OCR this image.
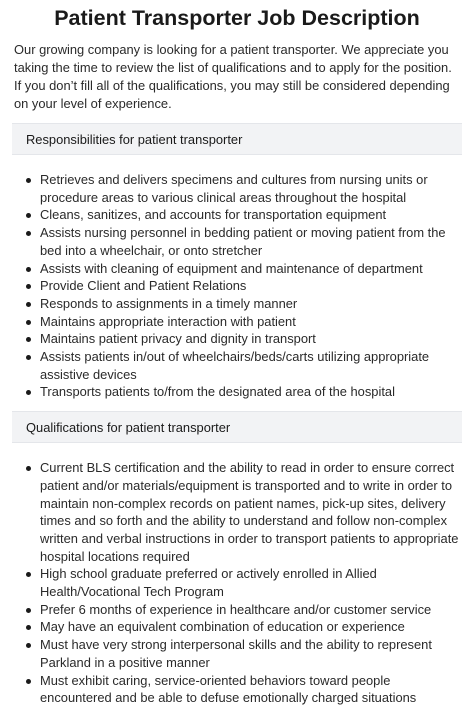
Patient Transporter Job Description

Our growing company is looking for a patient transporter. We appreciate you taking the time to review the list of qualifications and to apply for the position. If you don’t fill all of the qualifications, you may still be considered depending on your level of experience.

Responsibilities for patient transporter
Retrieves and delivers specimens and cultures from nursing units or procedure areas to various clinical areas throughout the hospital
Cleans, sanitizes, and accounts for transportation equipment
Assists nursing personnel in bedding patient or moving patient from the bed into a wheelchair, or onto stretcher
Assists with cleaning of equipment and maintenance of department
Provide Client and Patient Relations
Responds to assignments in a timely manner
Maintains appropriate interaction with patient
Maintains patient privacy and dignity in transport
Assists patients in/out of wheelchairs/beds/carts utilizing appropriate assistive devices
Transports patients to/from the designated area of the hospital
Qualifications for patient transporter
Current BLS certification and the ability to read in order to ensure correct patient and/or materials/equipment is transported and to write in order to maintain non-complex records on patient names, pick-up sites, delivery times and so forth and the ability to understand and follow non-complex written and verbal instructions in order to transport patients to appropriate hospital locations required
High school graduate preferred or actively enrolled in Allied Health/Vocational Tech Program
Prefer 6 months of experience in healthcare and/or customer service
May have an equivalent combination of education or experience
Must have very strong interpersonal skills and the ability to represent Parkland in a positive manner
Must exhibit caring, service-oriented behaviors toward people encountered and be able to defuse emotionally charged situations
